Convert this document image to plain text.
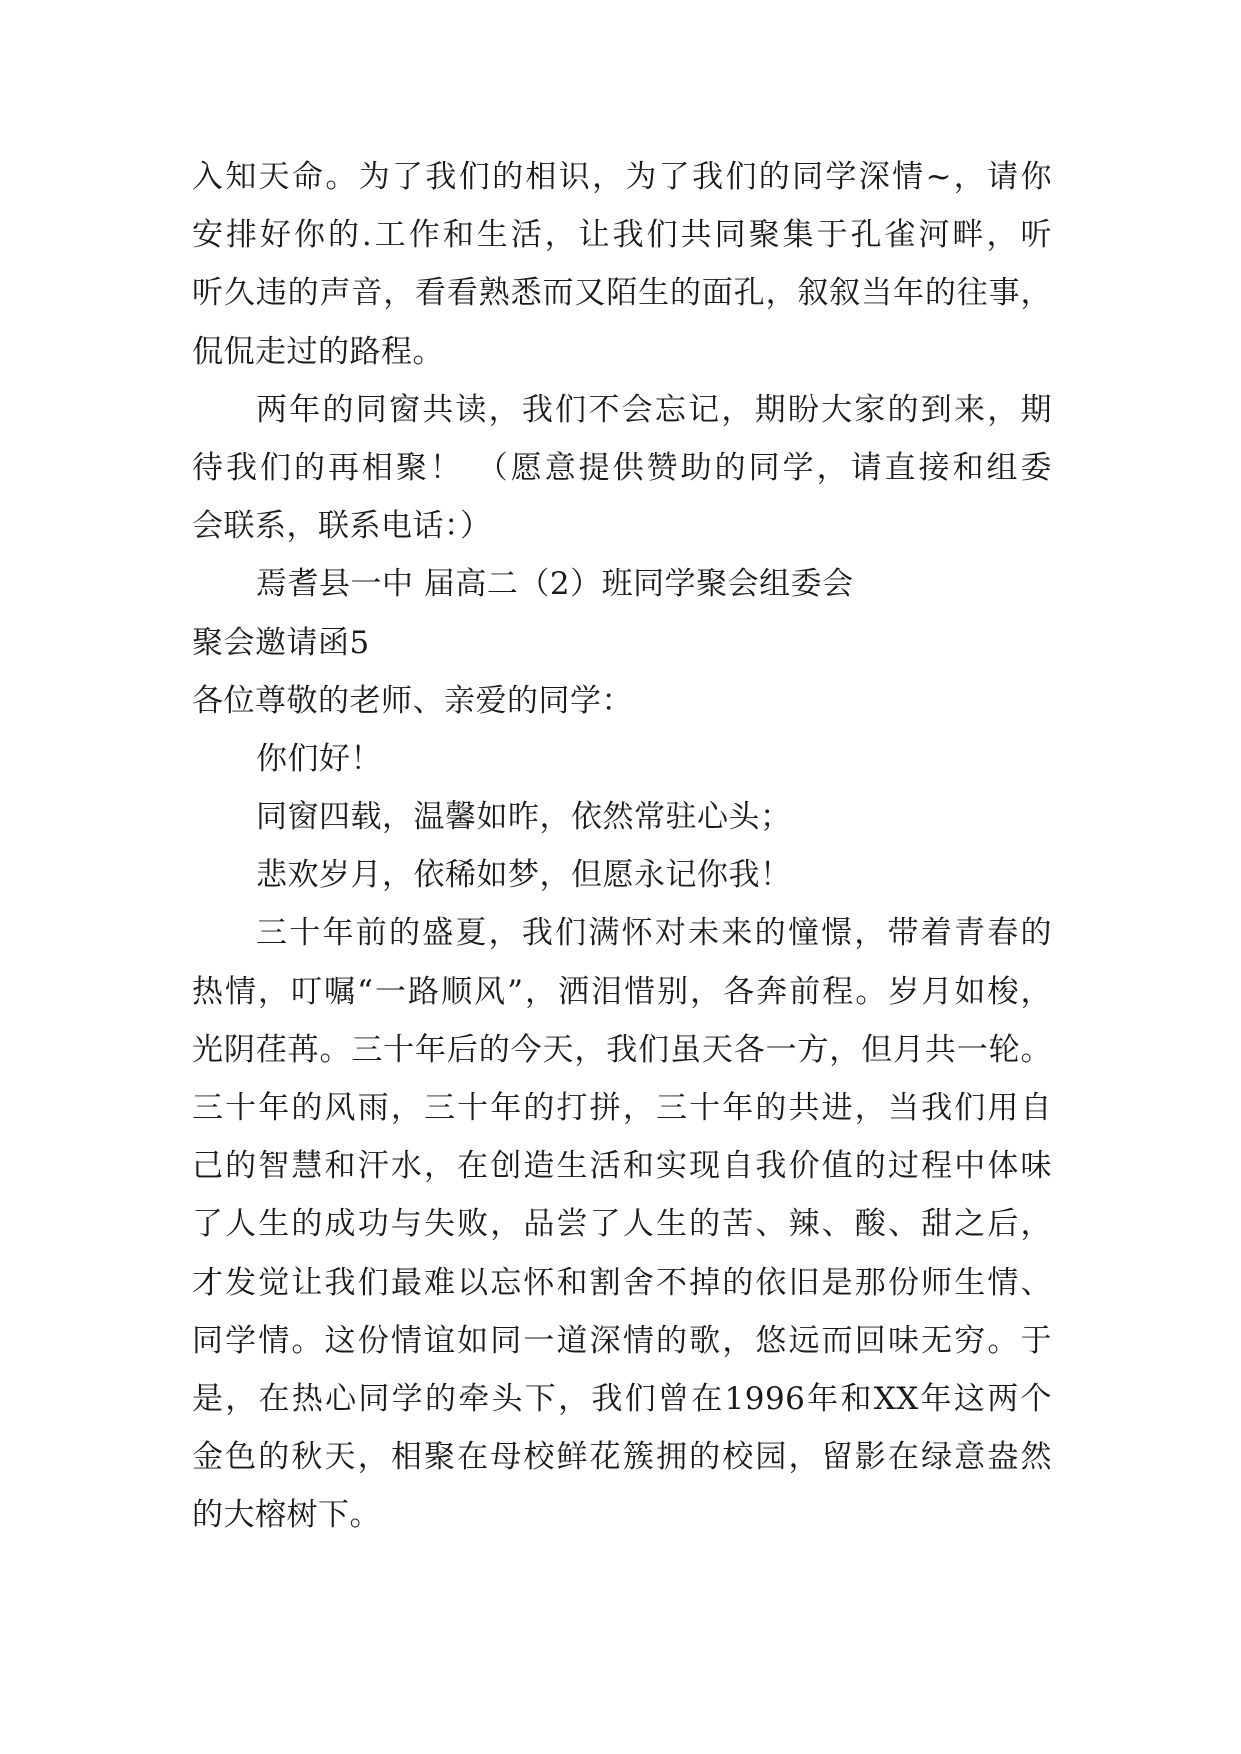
入知天命。为了我们的相识，为了我们的同学深情~，请你
安排好你的.工作和生活，让我们共同聚集于孔雀河畔，听
听久违的声音，看看熟悉而又陌生的面孔，叙叙当年的往事，
侃侃走过的路程。
两年的同窗共读，我们不会忘记，期盼大家的到来，期
待我们的再相聚！ （愿意提供赞助的同学，请直接和组委
会联系，联系电话：）
焉耆县一中 届高二（2）班同学聚会组委会
聚会邀请函5
各位尊敬的老师、亲爱的同学：
你们好！
同窗四载，温馨如昨，依然常驻心头；
悲欢岁月，依稀如梦，但愿永记你我！
三十年前的盛夏，我们满怀对未来的憧憬，带着青春的
热情，叮嘱“一路顺风”，洒泪惜别，各奔前程。岁月如梭，
光阴荏苒。三十年后的今天，我们虽天各一方，但月共一轮。
三十年的风雨，三十年的打拼，三十年的共进，当我们用自
己的智慧和汗水，在创造生活和实现自我价值的过程中体味
了人生的成功与失败，品尝了人生的苦、辣、酸、甜之后，
才发觉让我们最难以忘怀和割舍不掉的依旧是那份师生情、
同学情。这份情谊如同一道深情的歌，悠远而回味无穷。于
是，在热心同学的牵头下，我们曾在1996年和XX年这两个
金色的秋天，相聚在母校鲜花簇拥的校园，留影在绿意盎然
的大榕树下。
